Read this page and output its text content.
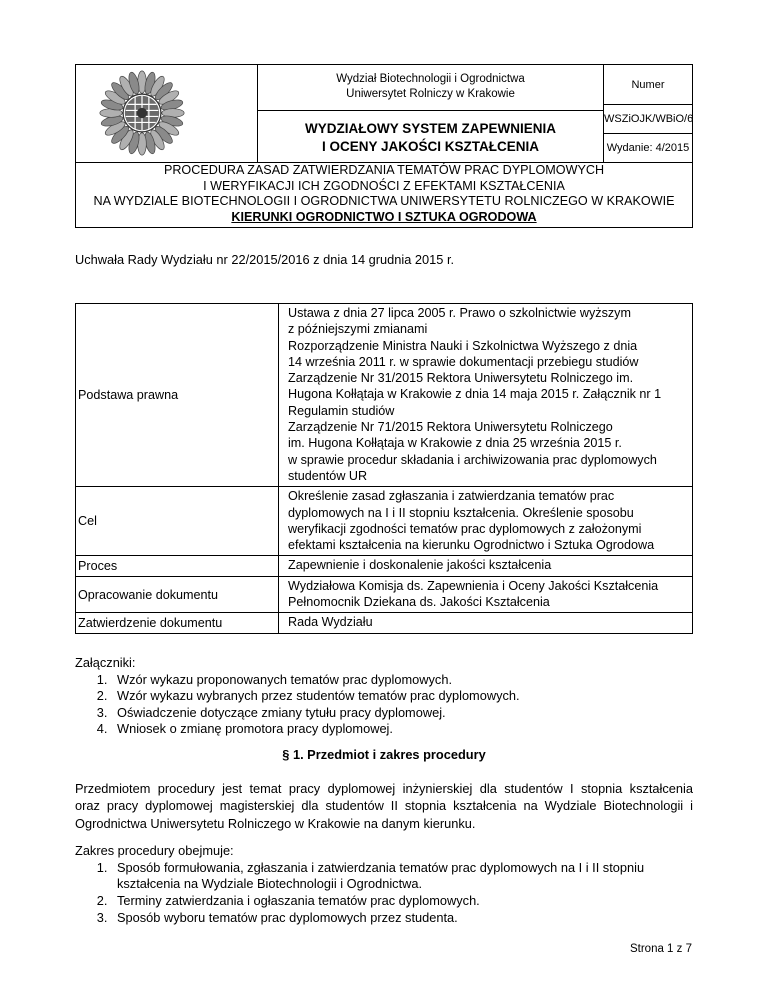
Wydział Biotechnologii i Ogrodnictwa
Uniwersytet Rolniczy w Krakowie
WYDZIAŁOWY SYSTEM ZAPEWNIENIA
I OCENY JAKOŚCI KSZTAŁCENIA
Numer
WSZiOJK/WBiO/6
Wydanie: 4/2015
PROCEDURA ZASAD ZATWIERDZANIA TEMATÓW PRAC DYPLOMOWYCH
I WERYFIKACJI ICH ZGODNOŚCI Z EFEKTAMI KSZTAŁCENIA
NA WYDZIALE BIOTECHNOLOGII I OGRODNICTWA UNIWERSYTETU ROLNICZEGO W KRAKOWIE
KIERUNKI OGRODNICTWO I SZTUKA OGRODOWA
Uchwała Rady Wydziału nr 22/2015/2016 z dnia 14 grudnia 2015 r.
Podstawa prawna
Ustawa z dnia 27 lipca 2005 r. Prawo o szkolnictwie wyższym
z późniejszymi zmianami
Rozporządzenie Ministra Nauki i Szkolnictwa Wyższego z dnia
14 września 2011 r. w sprawie dokumentacji przebiegu studiów
Zarządzenie Nr 31/2015 Rektora Uniwersytetu Rolniczego im.
Hugona Kołłątaja w Krakowie z dnia 14 maja 2015 r. Załącznik nr 1
Regulamin studiów
Zarządzenie Nr 71/2015 Rektora Uniwersytetu Rolniczego
im. Hugona Kołłątaja w Krakowie z dnia 25 września 2015 r.
w sprawie procedur składania i archiwizowania prac dyplomowych
studentów UR
Cel
Określenie zasad zgłaszania i zatwierdzania tematów prac
dyplomowych na I i II stopniu kształcenia. Określenie sposobu
weryfikacji zgodności tematów prac dyplomowych z założonymi
efektami kształcenia na kierunku Ogrodnictwo i Sztuka Ogrodowa
Proces	Zapewnienie i doskonalenie jakości kształcenia
Opracowanie dokumentu
Wydziałowa Komisja ds. Zapewnienia i Oceny Jakości Kształcenia
Pełnomocnik Dziekana ds. Jakości Kształcenia
Zatwierdzenie dokumentu	Rada Wydziału
Załączniki:
1. Wzór wykazu proponowanych tematów prac dyplomowych.
2. Wzór wykazu wybranych przez studentów tematów prac dyplomowych.
3. Oświadczenie dotyczące zmiany tytułu pracy dyplomowej.
4. Wniosek o zmianę promotora pracy dyplomowej.
§ 1. Przedmiot i zakres procedury
Przedmiotem procedury jest temat pracy dyplomowej inżynierskiej dla studentów I stopnia kształcenia
oraz pracy dyplomowej magisterskiej dla studentów II stopnia kształcenia na Wydziale Biotechnologii i
Ogrodnictwa Uniwersytetu Rolniczego w Krakowie na danym kierunku.
Zakres procedury obejmuje:
1. Sposób formułowania, zgłaszania i zatwierdzania tematów prac dyplomowych na I i II stopniu
kształcenia na Wydziale Biotechnologii i Ogrodnictwa.
2. Terminy zatwierdzania i ogłaszania tematów prac dyplomowych.
3. Sposób wyboru tematów prac dyplomowych przez studenta.
Strona 1 z 7
